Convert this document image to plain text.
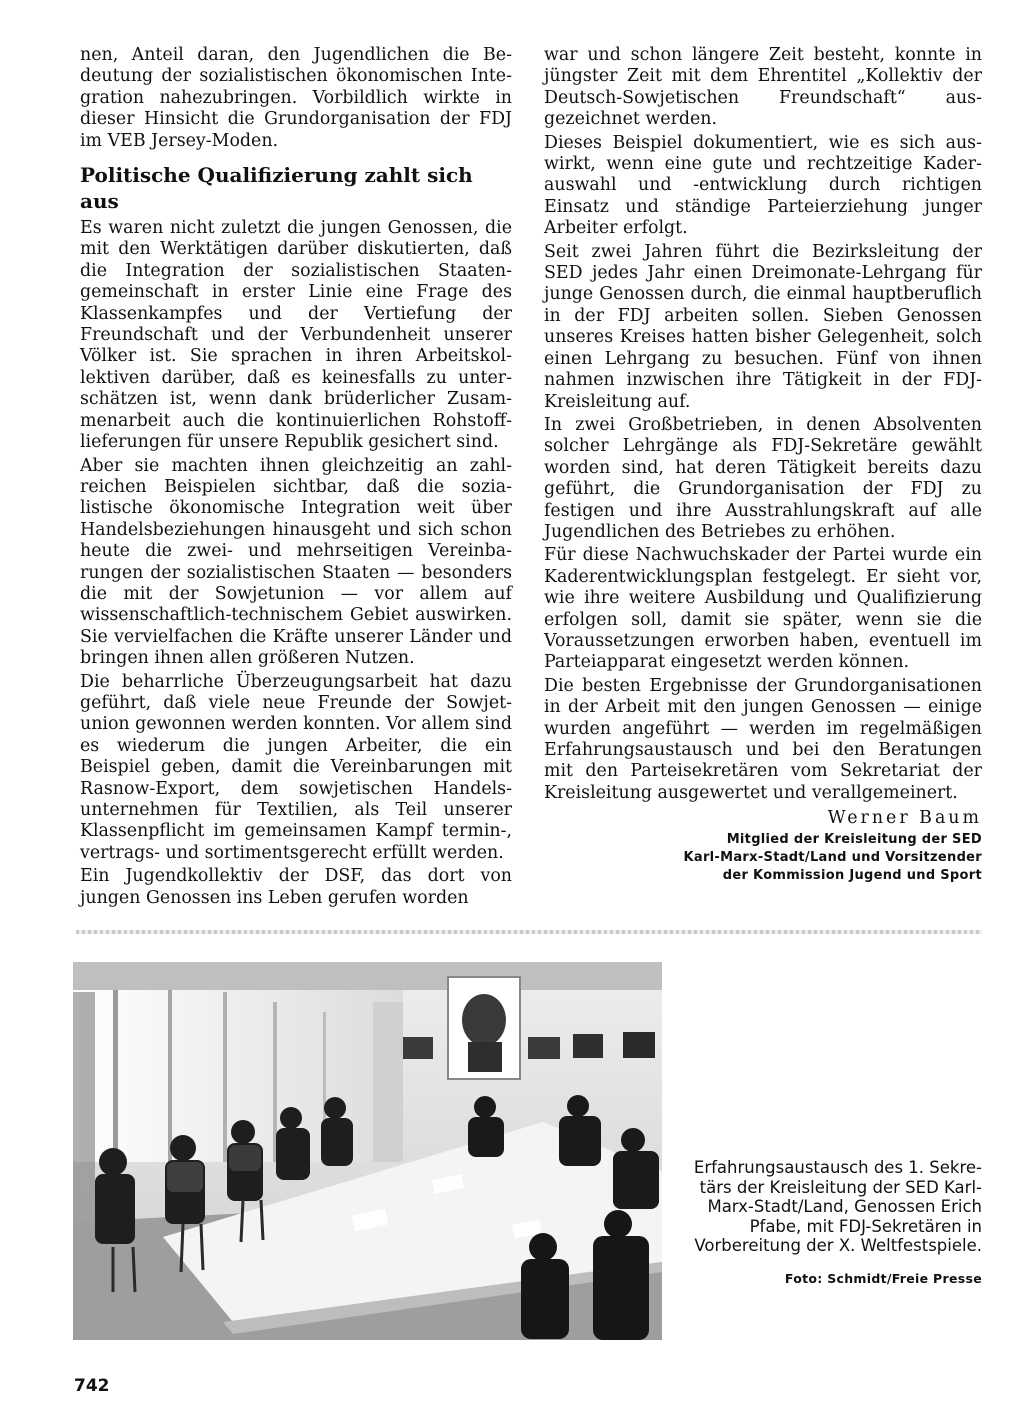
nen, Anteil daran, den Jugendlichen die Bedeutung der sozialistischen ökonomischen Integration nahezubringen. Vorbildlich wirkte in dieser Hinsicht die Grundorganisation der FDJ im VEB Jersey-Moden.

Politische Qualifizierung zahlt sich aus

Es waren nicht zuletzt die jungen Genossen, die mit den Werktätigen darüber diskutierten, daß die Integration der sozialistischen Staatengemeinschaft in erster Linie eine Frage des Klassenkampfes und der Vertiefung der Freundschaft und der Verbundenheit unserer Völker ist. Sie sprachen in ihren Arbeitskollektiven darüber, daß es keinesfalls zu unterschätzen ist, wenn dank brüderlicher Zusammenarbeit auch die kontinuierlichen Rohstofflieferungen für unsere Republik gesichert sind.

Aber sie machten ihnen gleichzeitig an zahlreichen Beispielen sichtbar, daß die sozialistische ökonomische Integration weit über Handelsbeziehungen hinausgeht und sich schon heute die zwei- und mehrseitigen Vereinbarungen der sozialistischen Staaten — besonders die mit der Sowjetunion — vor allem auf wissenschaftlich-technischem Gebiet auswirken. Sie vervielfachen die Kräfte unserer Länder und bringen ihnen allen größeren Nutzen.

Die beharrliche Überzeugungsarbeit hat dazu geführt, daß viele neue Freunde der Sowjetunion gewonnen werden konnten. Vor allem sind es wiederum die jungen Arbeiter, die ein Beispiel geben, damit die Vereinbarungen mit Rasnow-Export, dem sowjetischen Handelsunternehmen für Textilien, als Teil unserer Klassenpflicht im gemeinsamen Kampf termin-, vertrags- und sortimentsgerecht erfüllt werden.

Ein Jugendkollektiv der DSF, das dort von jungen Genossen ins Leben gerufen worden

war und schon längere Zeit besteht, konnte in jüngster Zeit mit dem Ehrentitel „Kollektiv der Deutsch-Sowjetischen Freundschaft“ ausgezeichnet werden.

Dieses Beispiel dokumentiert, wie es sich auswirkt, wenn eine gute und rechtzeitige Kaderauswahl und -entwicklung durch richtigen Einsatz und ständige Parteierziehung junger Arbeiter erfolgt.

Seit zwei Jahren führt die Bezirksleitung der SED jedes Jahr einen Dreimonate-Lehrgang für junge Genossen durch, die einmal hauptberuflich in der FDJ arbeiten sollen. Sieben Genossen unseres Kreises hatten bisher Gelegenheit, solch einen Lehrgang zu besuchen. Fünf von ihnen nahmen inzwischen ihre Tätigkeit in der FDJ-Kreisleitung auf.

In zwei Großbetrieben, in denen Absolventen solcher Lehrgänge als FDJ-Sekretäre gewählt worden sind, hat deren Tätigkeit bereits dazu geführt, die Grundorganisation der FDJ zu festigen und ihre Ausstrahlungskraft auf alle Jugendlichen des Betriebes zu erhöhen.

Für diese Nachwuchskader der Partei wurde ein Kaderentwicklungsplan festgelegt. Er sieht vor, wie ihre weitere Ausbildung und Qualifizierung erfolgen soll, damit sie später, wenn sie die Voraussetzungen erworben haben, eventuell im Parteiapparat eingesetzt werden können.

Die besten Ergebnisse der Grundorganisationen in der Arbeit mit den jungen Genossen — einige wurden angeführt — werden im regelmäßigen Erfahrungsaustausch und bei den Beratungen mit den Parteisekretären vom Sekretariat der Kreisleitung ausgewertet und verallgemeinert.

Werner Baum
Mitglied der Kreisleitung der SED
Karl-Marx-Stadt/Land und Vorsitzender
der Kommission Jugend und Sport
Erfahrungsaustausch des 1. Sekretärs der Kreisleitung der SED Karl-Marx-Stadt/Land, Genossen Erich Pfabe, mit FDJ-Sekretären in Vorbereitung der X. Weltfestspiele.
Foto: Schmidt/Freie Presse
742
